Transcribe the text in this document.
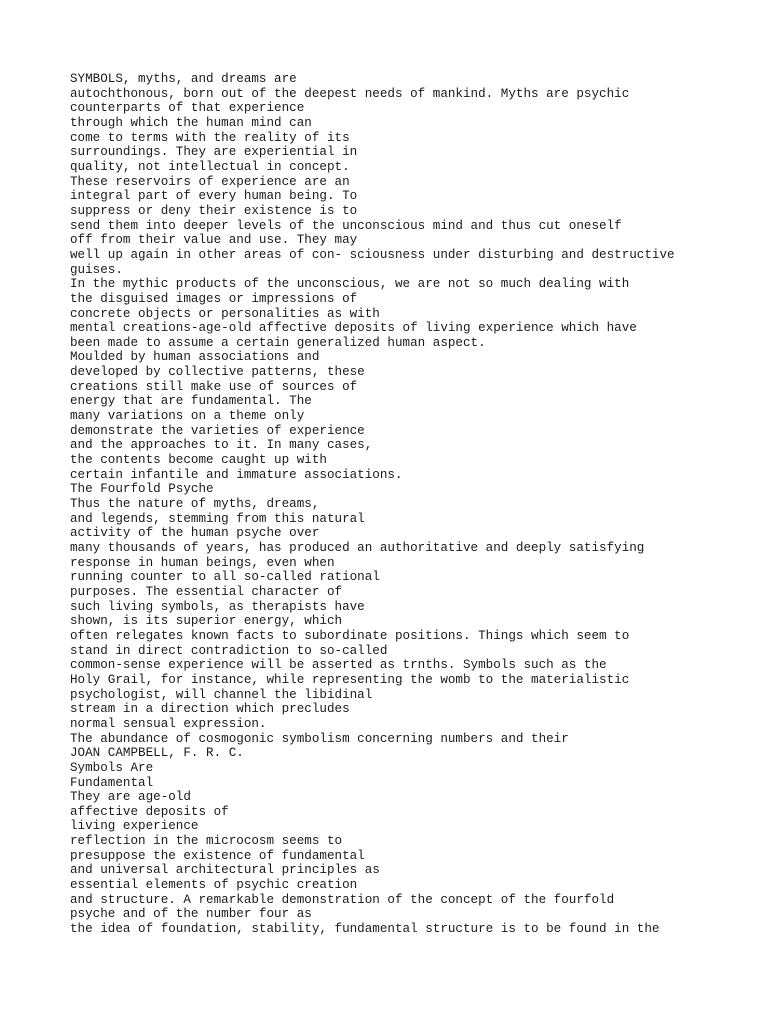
SYMBOLS, myths, and dreams are
autochthonous, born out of the deepest needs of mankind. Myths are psychic
counterparts of that experience
through which the human mind can
come to terms with the reality of its
surroundings. They are experiential in
quality, not intellectual in concept.
These reservoirs of experience are an
integral part of every human being. To
suppress or deny their existence is to
send them into deeper levels of the unconscious mind and thus cut oneself
off from their value and use. They may
well up again in other areas of con- sciousness under disturbing and destructive
guises.
In the mythic products of the unconscious, we are not so much dealing with
the disguised images or impressions of
concrete objects or personalities as with
mental creations-age-old affective deposits of living experience which have
been made to assume a certain generalized human aspect.
Moulded by human associations and
developed by collective patterns, these
creations still make use of sources of
energy that are fundamental. The
many variations on a theme only
demonstrate the varieties of experience
and the approaches to it. In many cases,
the contents become caught up with
certain infantile and immature associations.
The Fourfold Psyche
Thus the nature of myths, dreams,
and legends, stemming from this natural
activity of the human psyche over
many thousands of years, has produced an authoritative and deeply satisfying
response in human beings, even when
running counter to all so-called rational
purposes. The essential character of
such living symbols, as therapists have
shown, is its superior energy, which
often relegates known facts to subordinate positions. Things which seem to
stand in direct contradiction to so-called
common-sense experience will be asserted as trnths. Symbols such as the
Holy Grail, for instance, while representing the womb to the materialistic
psychologist, will channel the libidinal
stream in a direction which precludes
normal sensual expression.
The abundance of cosmogonic symbolism concerning numbers and their
JOAN CAMPBELL, F. R. C.
Symbols Are
Fundamental
They are age-old
affective deposits of
living experience
reflection in the microcosm seems to
presuppose the existence of fundamental
and universal architectural principles as
essential elements of psychic creation
and structure. A remarkable demonstration of the concept of the fourfold
psyche and of the number four as
the idea of foundation, stability, fundamental structure is to be found in the
